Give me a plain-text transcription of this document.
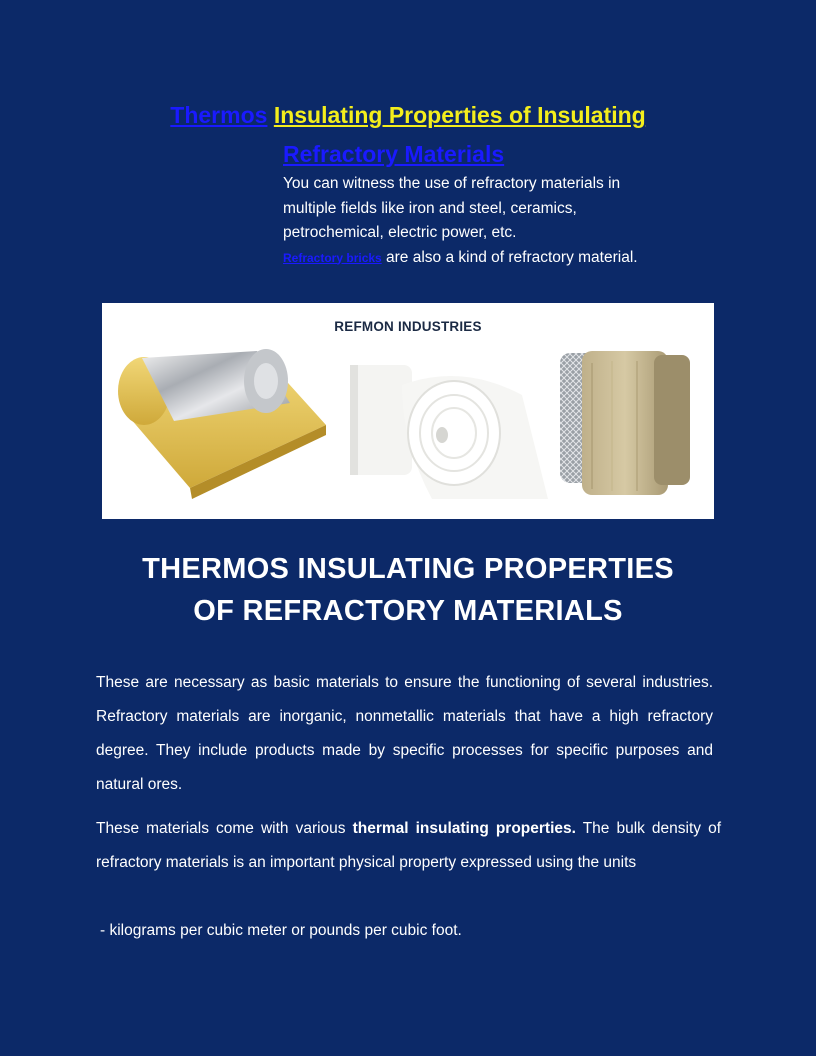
Thermos Insulating Properties of Insulating
Refractory Materials
You can witness the use of refractory materials in multiple fields like iron and steel, ceramics, petrochemical, electric power, etc.
Refractory bricks are also a kind of refractory material.
REFMON INDUSTRIES
THERMOS INSULATING PROPERTIES
OF REFRACTORY MATERIALS
These are necessary as basic materials to ensure the functioning of several industries. Refractory materials are inorganic, nonmetallic materials that have a high refractory degree. They include products made by specific processes for specific purposes and natural ores.
These materials come with various thermal insulating properties. The bulk density of refractory materials is an important physical property expressed using the units
- kilograms per cubic meter or pounds per cubic foot.
